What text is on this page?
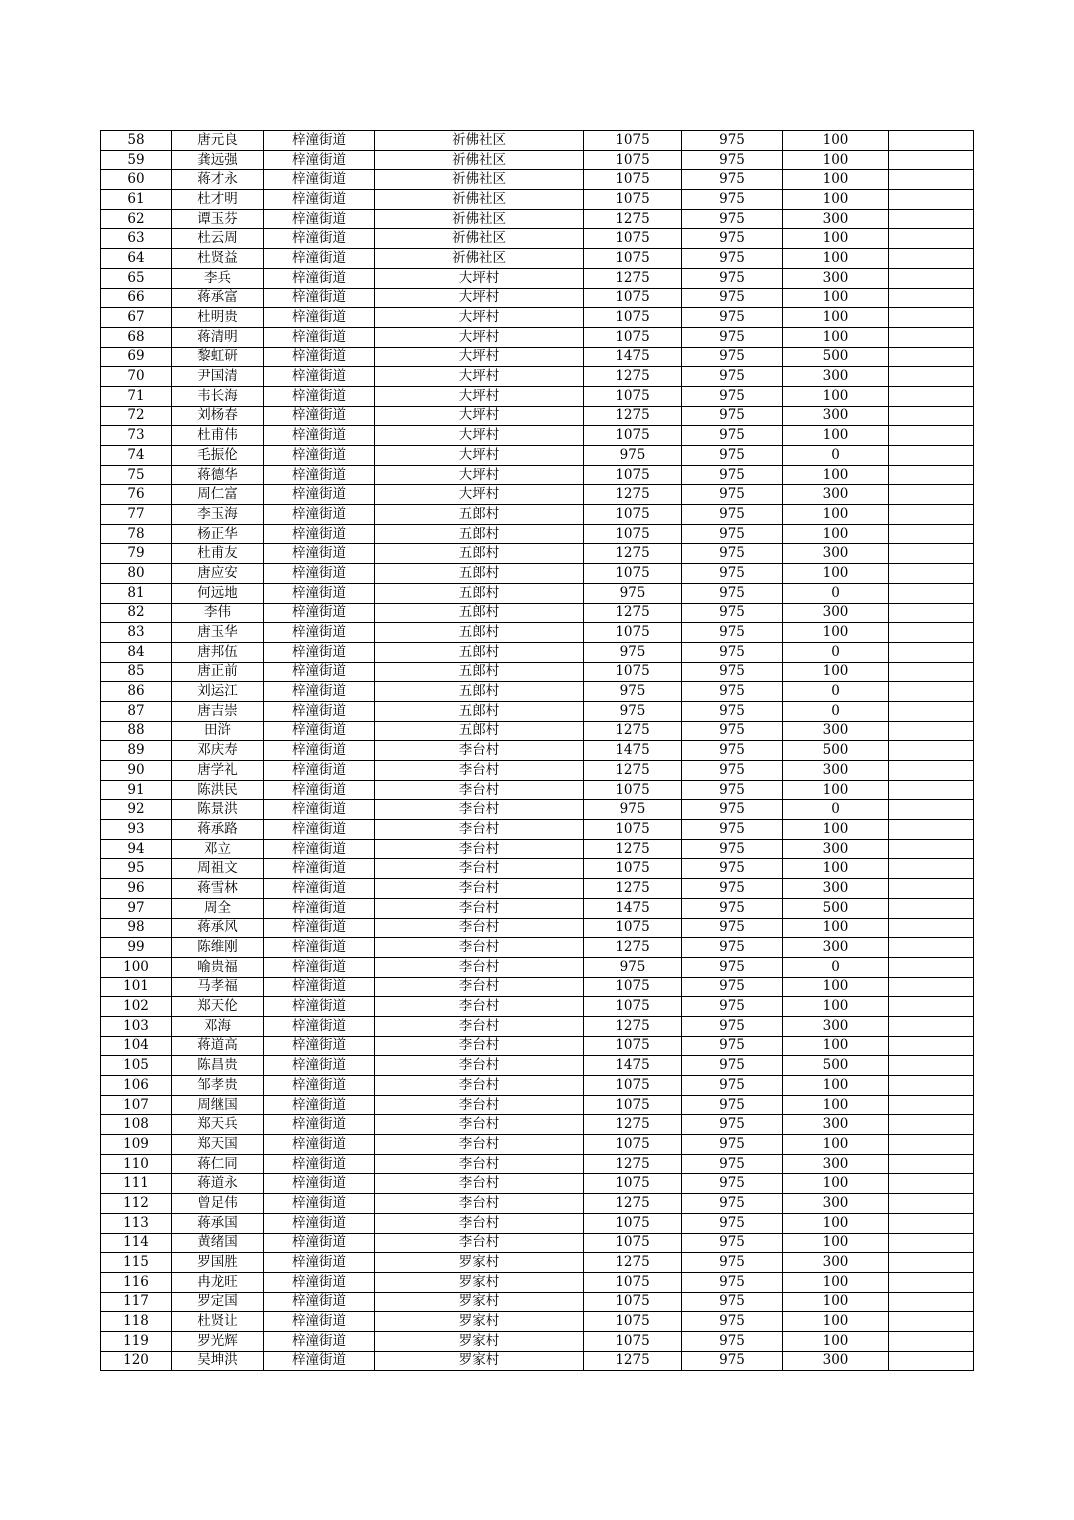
58	唐元良	梓潼街道	祈佛社区	1075	975	100	
59	龚远强	梓潼街道	祈佛社区	1075	975	100	
60	蒋才永	梓潼街道	祈佛社区	1075	975	100	
61	杜才明	梓潼街道	祈佛社区	1075	975	100	
62	谭玉芬	梓潼街道	祈佛社区	1275	975	300	
63	杜云周	梓潼街道	祈佛社区	1075	975	100	
64	杜贤益	梓潼街道	祈佛社区	1075	975	100	
65	李兵	梓潼街道	大坪村	1275	975	300	
66	蒋承富	梓潼街道	大坪村	1075	975	100	
67	杜明贵	梓潼街道	大坪村	1075	975	100	
68	蒋清明	梓潼街道	大坪村	1075	975	100	
69	黎虹研	梓潼街道	大坪村	1475	975	500	
70	尹国清	梓潼街道	大坪村	1275	975	300	
71	韦长海	梓潼街道	大坪村	1075	975	100	
72	刘杨春	梓潼街道	大坪村	1275	975	300	
73	杜甫伟	梓潼街道	大坪村	1075	975	100	
74	毛振伦	梓潼街道	大坪村	975	975	0	
75	蒋德华	梓潼街道	大坪村	1075	975	100	
76	周仁富	梓潼街道	大坪村	1275	975	300	
77	李玉海	梓潼街道	五郎村	1075	975	100	
78	杨正华	梓潼街道	五郎村	1075	975	100	
79	杜甫友	梓潼街道	五郎村	1275	975	300	
80	唐应安	梓潼街道	五郎村	1075	975	100	
81	何远地	梓潼街道	五郎村	975	975	0	
82	李伟	梓潼街道	五郎村	1275	975	300	
83	唐玉华	梓潼街道	五郎村	1075	975	100	
84	唐邦伍	梓潼街道	五郎村	975	975	0	
85	唐正前	梓潼街道	五郎村	1075	975	100	
86	刘运江	梓潼街道	五郎村	975	975	0	
87	唐吉崇	梓潼街道	五郎村	975	975	0	
88	田浒	梓潼街道	五郎村	1275	975	300	
89	邓庆寿	梓潼街道	李台村	1475	975	500	
90	唐学礼	梓潼街道	李台村	1275	975	300	
91	陈洪民	梓潼街道	李台村	1075	975	100	
92	陈景洪	梓潼街道	李台村	975	975	0	
93	蒋承路	梓潼街道	李台村	1075	975	100	
94	邓立	梓潼街道	李台村	1275	975	300	
95	周祖文	梓潼街道	李台村	1075	975	100	
96	蒋雪林	梓潼街道	李台村	1275	975	300	
97	周全	梓潼街道	李台村	1475	975	500	
98	蒋承风	梓潼街道	李台村	1075	975	100	
99	陈维刚	梓潼街道	李台村	1275	975	300	
100	喻贵福	梓潼街道	李台村	975	975	0	
101	马孝福	梓潼街道	李台村	1075	975	100	
102	郑天伦	梓潼街道	李台村	1075	975	100	
103	邓海	梓潼街道	李台村	1275	975	300	
104	蒋道高	梓潼街道	李台村	1075	975	100	
105	陈昌贵	梓潼街道	李台村	1475	975	500	
106	邹孝贵	梓潼街道	李台村	1075	975	100	
107	周继国	梓潼街道	李台村	1075	975	100	
108	郑天兵	梓潼街道	李台村	1275	975	300	
109	郑天国	梓潼街道	李台村	1075	975	100	
110	蒋仁同	梓潼街道	李台村	1275	975	300	
111	蒋道永	梓潼街道	李台村	1075	975	100	
112	曾足伟	梓潼街道	李台村	1275	975	300	
113	蒋承国	梓潼街道	李台村	1075	975	100	
114	黄绪国	梓潼街道	李台村	1075	975	100	
115	罗国胜	梓潼街道	罗家村	1275	975	300	
116	冉龙旺	梓潼街道	罗家村	1075	975	100	
117	罗定国	梓潼街道	罗家村	1075	975	100	
118	杜贤让	梓潼街道	罗家村	1075	975	100	
119	罗光辉	梓潼街道	罗家村	1075	975	100	
120	吴坤洪	梓潼街道	罗家村	1275	975	300	
